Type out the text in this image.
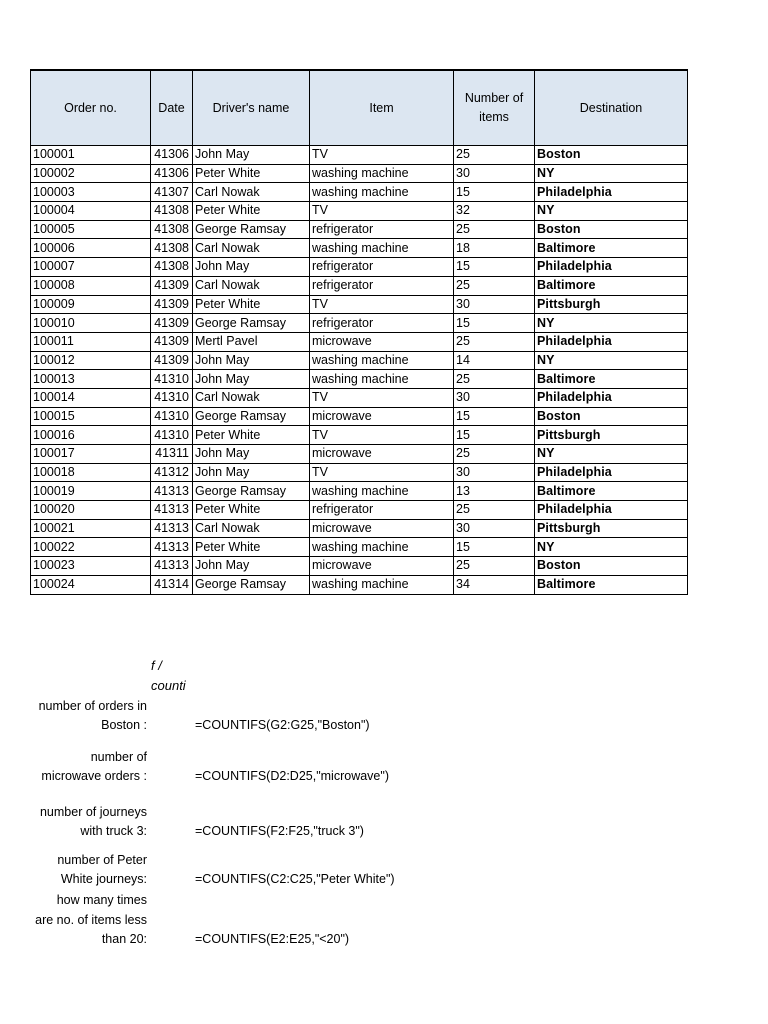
Order no.	Date	Driver's name	Item	Number of items	Destination
100001	41306	John May	TV	25	Boston
100002	41306	Peter White	washing machine	30	NY
100003	41307	Carl Nowak	washing machine	15	Philadelphia
100004	41308	Peter White	TV	32	NY
100005	41308	George Ramsay	refrigerator	25	Boston
100006	41308	Carl Nowak	washing machine	18	Baltimore
100007	41308	John May	refrigerator	15	Philadelphia
100008	41309	Carl Nowak	refrigerator	25	Baltimore
100009	41309	Peter White	TV	30	Pittsburgh
100010	41309	George Ramsay	refrigerator	15	NY
100011	41309	Mertl Pavel	microwave	25	Philadelphia
100012	41309	John May	washing machine	14	NY
100013	41310	John May	washing machine	25	Baltimore
100014	41310	Carl Nowak	TV	30	Philadelphia
100015	41310	George Ramsay	microwave	15	Boston
100016	41310	Peter White	TV	15	Pittsburgh
100017	41311	John May	microwave	25	NY
100018	41312	John May	TV	30	Philadelphia
100019	41313	George Ramsay	washing machine	13	Baltimore
100020	41313	Peter White	refrigerator	25	Philadelphia
100021	41313	Carl Nowak	microwave	30	Pittsburgh
100022	41313	Peter White	washing machine	15	NY
100023	41313	John May	microwave	25	Boston
100024	41314	George Ramsay	washing machine	34	Baltimore
f /
counti
number of orders in
Boston :	=COUNTIFS(G2:G25,"Boston")
number of
microwave orders :	=COUNTIFS(D2:D25,"microwave")
number of journeys
with truck 3:	=COUNTIFS(F2:F25,"truck 3")
number of Peter
White journeys:	=COUNTIFS(C2:C25,"Peter White")
how many times
are no. of items less
than 20:	=COUNTIFS(E2:E25,"<20")
